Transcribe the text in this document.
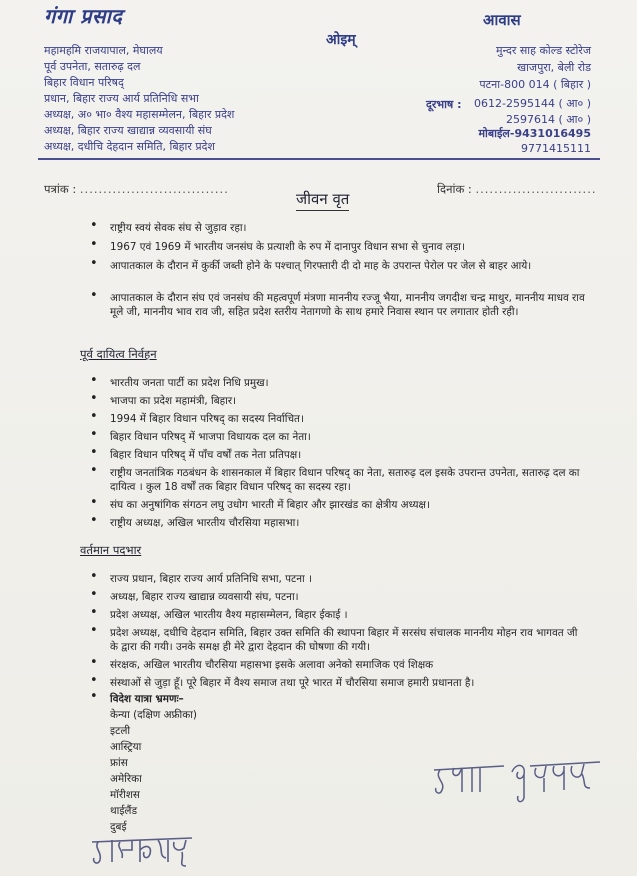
गंगा प्रसाद
महामहमि राजयापाल, मेघालय
पूर्व उपनेता, सतारुढ़ दल
बिहार विधान परिषद्
प्रधान, बिहार राज्य आर्य प्रतिनिधि सभा
अध्यक्ष, अ० भा० वैश्य महासम्मेलन, बिहार प्रदेश
अध्यक्ष, बिहार राज्य खाद्यान्न व्यवसायी संघ
अध्यक्ष, दधीचि देहदान समिति, बिहार प्रदेश
ओइम्
आवास
मुन्दर साह कोल्ड स्टोरेज
खाजपुरा, बेली रोड
पटना-800 014 ( बिहार )
दूरभाष : 0612-2595144 ( आ० )
2597614 ( आ० )
मोबाईल-9431016495
9771415111
पत्रांक : ................................	दिनांक : ..........................
जीवन वृत
• राष्ट्रीय स्वयं सेवक संघ से जुड़ाव रहा।
• 1967 एवं 1969 में भारतीय जनसंघ के प्रत्याशी के रुप में दानापुर विधान सभा से चुनाव लड़ा।
• आपातकाल के दौरान में कुर्की जब्ती होने के पश्चात् गिरफ्तारी दी दो माह के उपरान्त पेरोल पर जेल से बाहर आये।
• आपातकाल के दौरान संघ एवं जनसंघ की महत्वपूर्ण मंत्रणा माननीय रज्जू भैया, माननीय जगदीश चन्द्र माथुर, माननीय माधव राव मूले जी, माननीय भाव राव जी, सहित प्रदेश स्तरीय नेतागणो के साथ हमारे निवास स्थान पर लगातार होती रही।
पूर्व दायित्व निर्वहन
• भारतीय जनता पार्टी का प्रदेश निधि प्रमुख।
• भाजपा का प्रदेश महामंत्री, बिहार।
• 1994 में बिहार विधान परिषद् का सदस्य निर्वाचित।
• बिहार विधान परिषद् में भाजपा विधायक दल का नेता।
• बिहार विधान परिषद् में पाँच वर्षों तक नेता प्रतिपक्ष।
• राष्ट्रीय जनतांत्रिक गठबंधन के शासनकाल में बिहार विधान परिषद् का नेता, सतारुढ़ दल इसके उपरान्त उपनेता, सतारुढ़ दल का दायित्व । कुल 18 वर्षों तक बिहार विधान परिषद् का सदस्य रहा।
• संघ का अनुषांगिक संगठन लघु उधोग भारती में बिहार और झारखंड का क्षेत्रीय अध्यक्ष।
• राष्ट्रीय अध्यक्ष, अखिल भारतीय चौरसिया महासभा।
वर्तमान पदभार
• राज्य प्रधान, बिहार राज्य आर्य प्रतिनिधि सभा, पटना ।
• अध्यक्ष, बिहार राज्य खाद्यान्न व्यवसायी संघ, पटना।
• प्रदेश अध्यक्ष, अखिल भारतीय वैश्य महासम्मेलन, बिहार ईकाई ।
• प्रदेश अध्यक्ष, दधीचि देहदान समिति, बिहार उक्त समिति की स्थापना बिहार में सरसंघ संचालक माननीय मोहन राव भागवत जी के द्वारा की गयी। उनके समक्ष ही मेरे द्वारा देहदान की घोषणा की गयी।
• संरक्षक, अखिल भारतीय चौरसिया महासभा इसके अलावा अनेको समाजिक एवं शिक्षक
• संस्थाओं से जुड़ा हूँ। पूरे बिहार में वैश्य समाज तथा पूरे भारत में चौरसिया समाज हमारी प्रधानता है।
• विदेश यात्रा भ्रमणः–
केन्या (दक्षिण अफ्रीका)
इटली
आस्ट्रिया
फ्रांस
अमेरिका
मॉरीशस
थाईलैंड
दुबई
